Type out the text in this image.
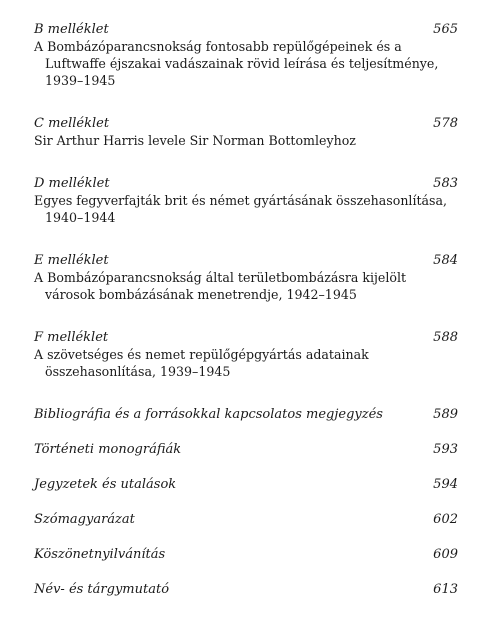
B melléklet	565
A Bombázóparancsnokság fontosabb repülőgépeinek és a Luftwaffe éjszakai vadászainak rövid leírása és teljesítménye, 1939–1945
C melléklet	578
Sir Arthur Harris levele Sir Norman Bottomleyhoz
D melléklet	583
Egyes fegyverfajták brit és német gyártásának összehasonlítása, 1940–1944
E melléklet	584
A Bombázóparancsnokság által területbombázásra kijelölt városok bombázásának menetrendje, 1942–1945
F melléklet	588
A szövetséges és nemet repülőgépgyártás adatainak összehasonlítása, 1939–1945
Bibliográfia és a forrásokkal kapcsolatos megjegyzés	589
Történeti monográfiák	593
Jegyzetek és utalások	594
Szómagyarázat	602
Köszönetnyilvánítás	609
Név- és tárgymutató	613
